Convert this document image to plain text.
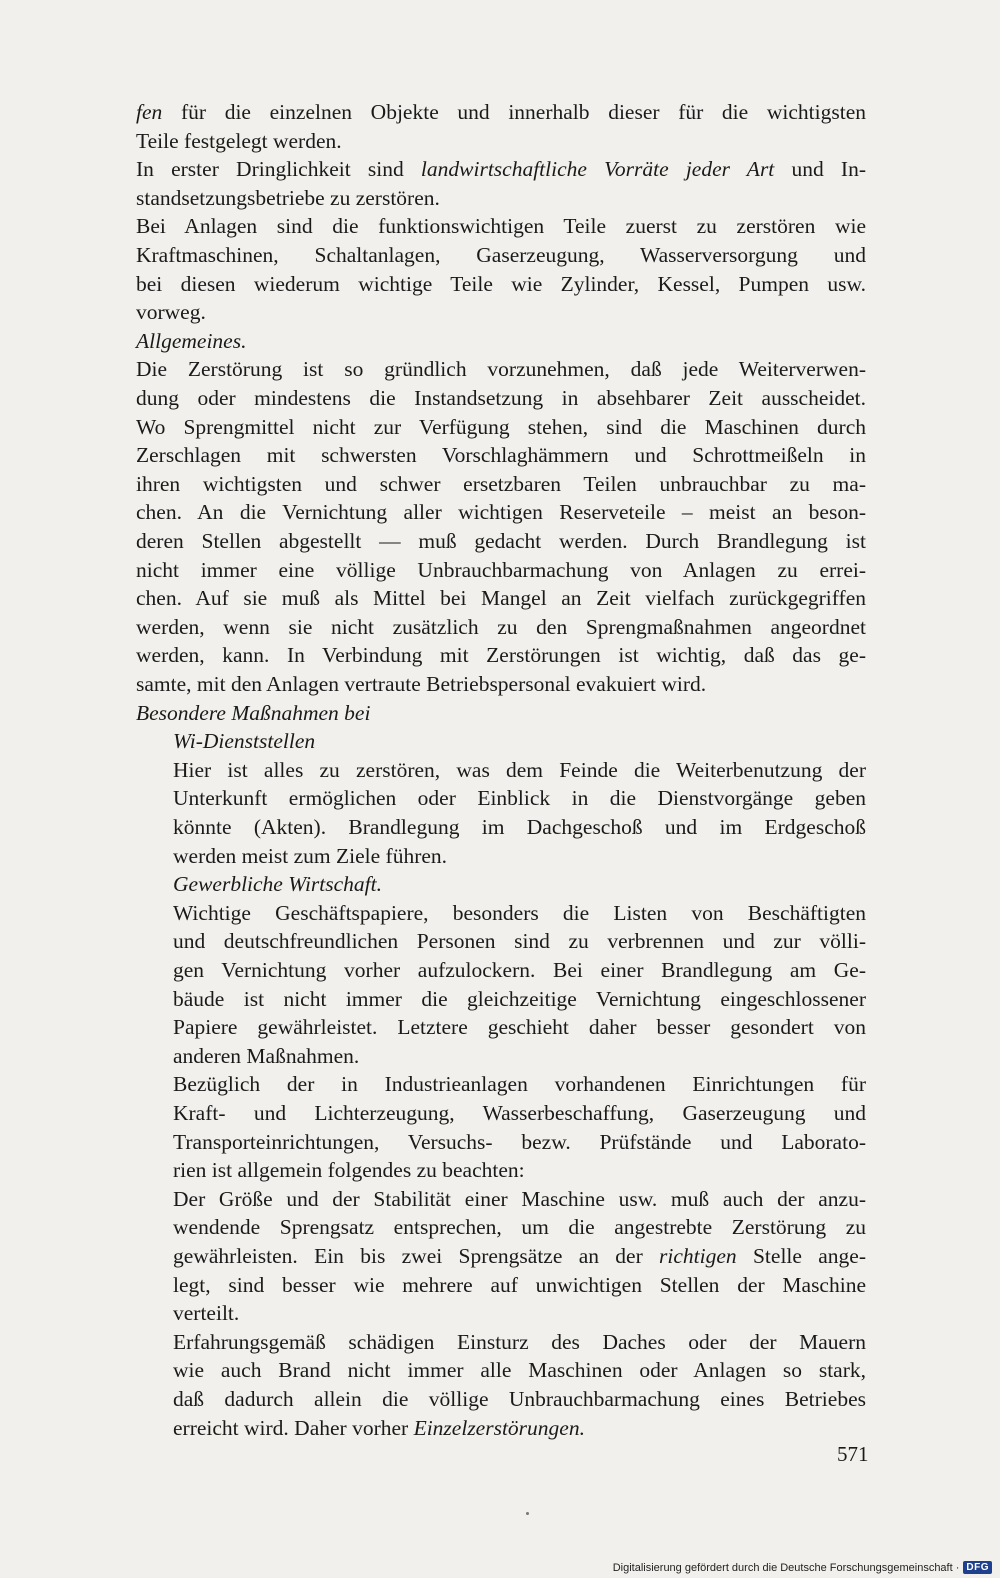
fen für die einzelnen Objekte und innerhalb dieser für die wichtigsten
Teile festgelegt werden.
In erster Dringlichkeit sind landwirtschaftliche Vorräte jeder Art und In-
standsetzungsbetriebe zu zerstören.
Bei Anlagen sind die funktionswichtigen Teile zuerst zu zerstören wie
Kraftmaschinen, Schaltanlagen, Gaserzeugung, Wasserversorgung und
bei diesen wiederum wichtige Teile wie Zylinder, Kessel, Pumpen usw.
vorweg.
Allgemeines.
Die Zerstörung ist so gründlich vorzunehmen, daß jede Weiterverwen-
dung oder mindestens die Instandsetzung in absehbarer Zeit ausscheidet.
Wo Sprengmittel nicht zur Verfügung stehen, sind die Maschinen durch
Zerschlagen mit schwersten Vorschlaghämmern und Schrottmeißeln in
ihren wichtigsten und schwer ersetzbaren Teilen unbrauchbar zu ma-
chen. An die Vernichtung aller wichtigen Reserveteile – meist an beson-
deren Stellen abgestellt — muß gedacht werden. Durch Brandlegung ist
nicht immer eine völlige Unbrauchbarmachung von Anlagen zu errei-
chen. Auf sie muß als Mittel bei Mangel an Zeit vielfach zurückgegriffen
werden, wenn sie nicht zusätzlich zu den Sprengmaßnahmen angeordnet
werden, kann. In Verbindung mit Zerstörungen ist wichtig, daß das ge-
samte, mit den Anlagen vertraute Betriebspersonal evakuiert wird.
Besondere Maßnahmen bei
Wi-Dienststellen
Hier ist alles zu zerstören, was dem Feinde die Weiterbenutzung der
Unterkunft ermöglichen oder Einblick in die Dienstvorgänge geben
könnte (Akten). Brandlegung im Dachgeschoß und im Erdgeschoß
werden meist zum Ziele führen.
Gewerbliche Wirtschaft.
Wichtige Geschäftspapiere, besonders die Listen von Beschäftigten
und deutschfreundlichen Personen sind zu verbrennen und zur völli-
gen Vernichtung vorher aufzulockern. Bei einer Brandlegung am Ge-
bäude ist nicht immer die gleichzeitige Vernichtung eingeschlossener
Papiere gewährleistet. Letztere geschieht daher besser gesondert von
anderen Maßnahmen.
Bezüglich der in Industrieanlagen vorhandenen Einrichtungen für
Kraft- und Lichterzeugung, Wasserbeschaffung, Gaserzeugung und
Transporteinrichtungen, Versuchs- bezw. Prüfstände und Laborato-
rien ist allgemein folgendes zu beachten:
Der Größe und der Stabilität einer Maschine usw. muß auch der anzu-
wendende Sprengsatz entsprechen, um die angestrebte Zerstörung zu
gewährleisten. Ein bis zwei Sprengsätze an der richtigen Stelle ange-
legt, sind besser wie mehrere auf unwichtigen Stellen der Maschine
verteilt.
Erfahrungsgemäß schädigen Einsturz des Daches oder der Mauern
wie auch Brand nicht immer alle Maschinen oder Anlagen so stark,
daß dadurch allein die völlige Unbrauchbarmachung eines Betriebes
erreicht wird. Daher vorher Einzelzerstörungen.
571
Digitalisierung gefördert durch die Deutsche Forschungsgemeinschaft · DFG
